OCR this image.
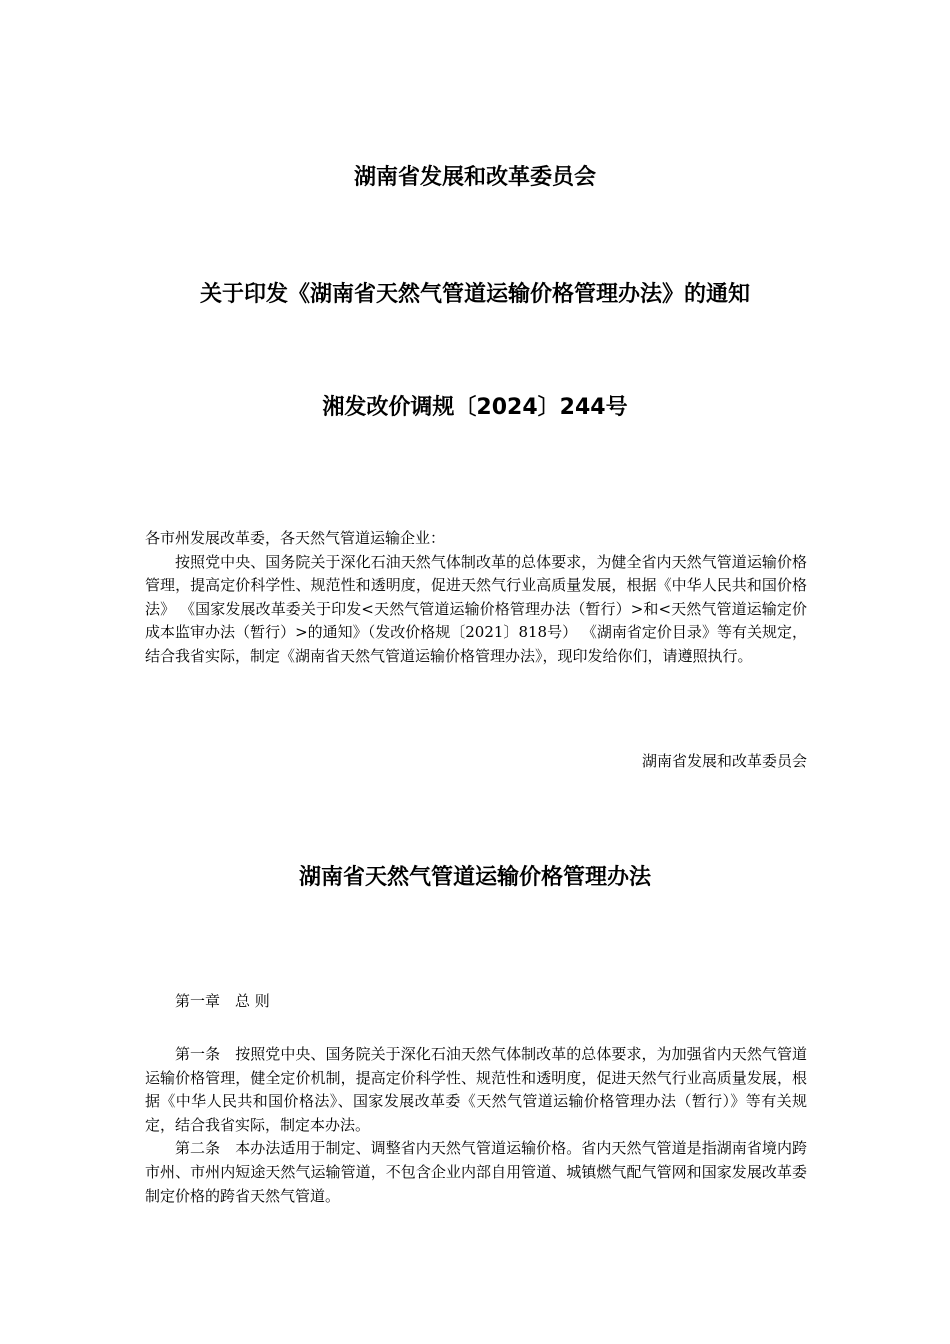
湖南省发展和改革委员会
关于印发《湖南省天然气管道运输价格管理办法》的通知
湘发改价调规〔2024〕244号

各市州发展改革委，各天然气管道运输企业：

按照党中央、国务院关于深化石油天然气体制改革的总体要求，为健全省内天然气管道运输价格管理，提高定价科学性、规范性和透明度，促进天然气行业高质量发展，根据《中华人民共和国价格法》 《国家发展改革委关于印发<天然气管道运输价格管理办法（暂行）>和<天然气管道运输定价成本监审办法（暂行）>的通知》（发改价格规〔2021〕818号） 《湖南省定价目录》等有关规定，结合我省实际，制定《湖南省天然气管道运输价格管理办法》，现印发给你们，请遵照执行。

湖南省发展和改革委员会

湖南省天然气管道运输价格管理办法

第一章　总 则

第一条　按照党中央、国务院关于深化石油天然气体制改革的总体要求，为加强省内天然气管道运输价格管理，健全定价机制，提高定价科学性、规范性和透明度，促进天然气行业高质量发展，根据《中华人民共和国价格法》、国家发展改革委《天然气管道运输价格管理办法（暂行）》等有关规定，结合我省实际，制定本办法。

第二条　本办法适用于制定、调整省内天然气管道运输价格。省内天然气管道是指湖南省境内跨市州、市州内短途天然气运输管道，不包含企业内部自用管道、城镇燃气配气管网和国家发展改革委制定价格的跨省天然气管道。
